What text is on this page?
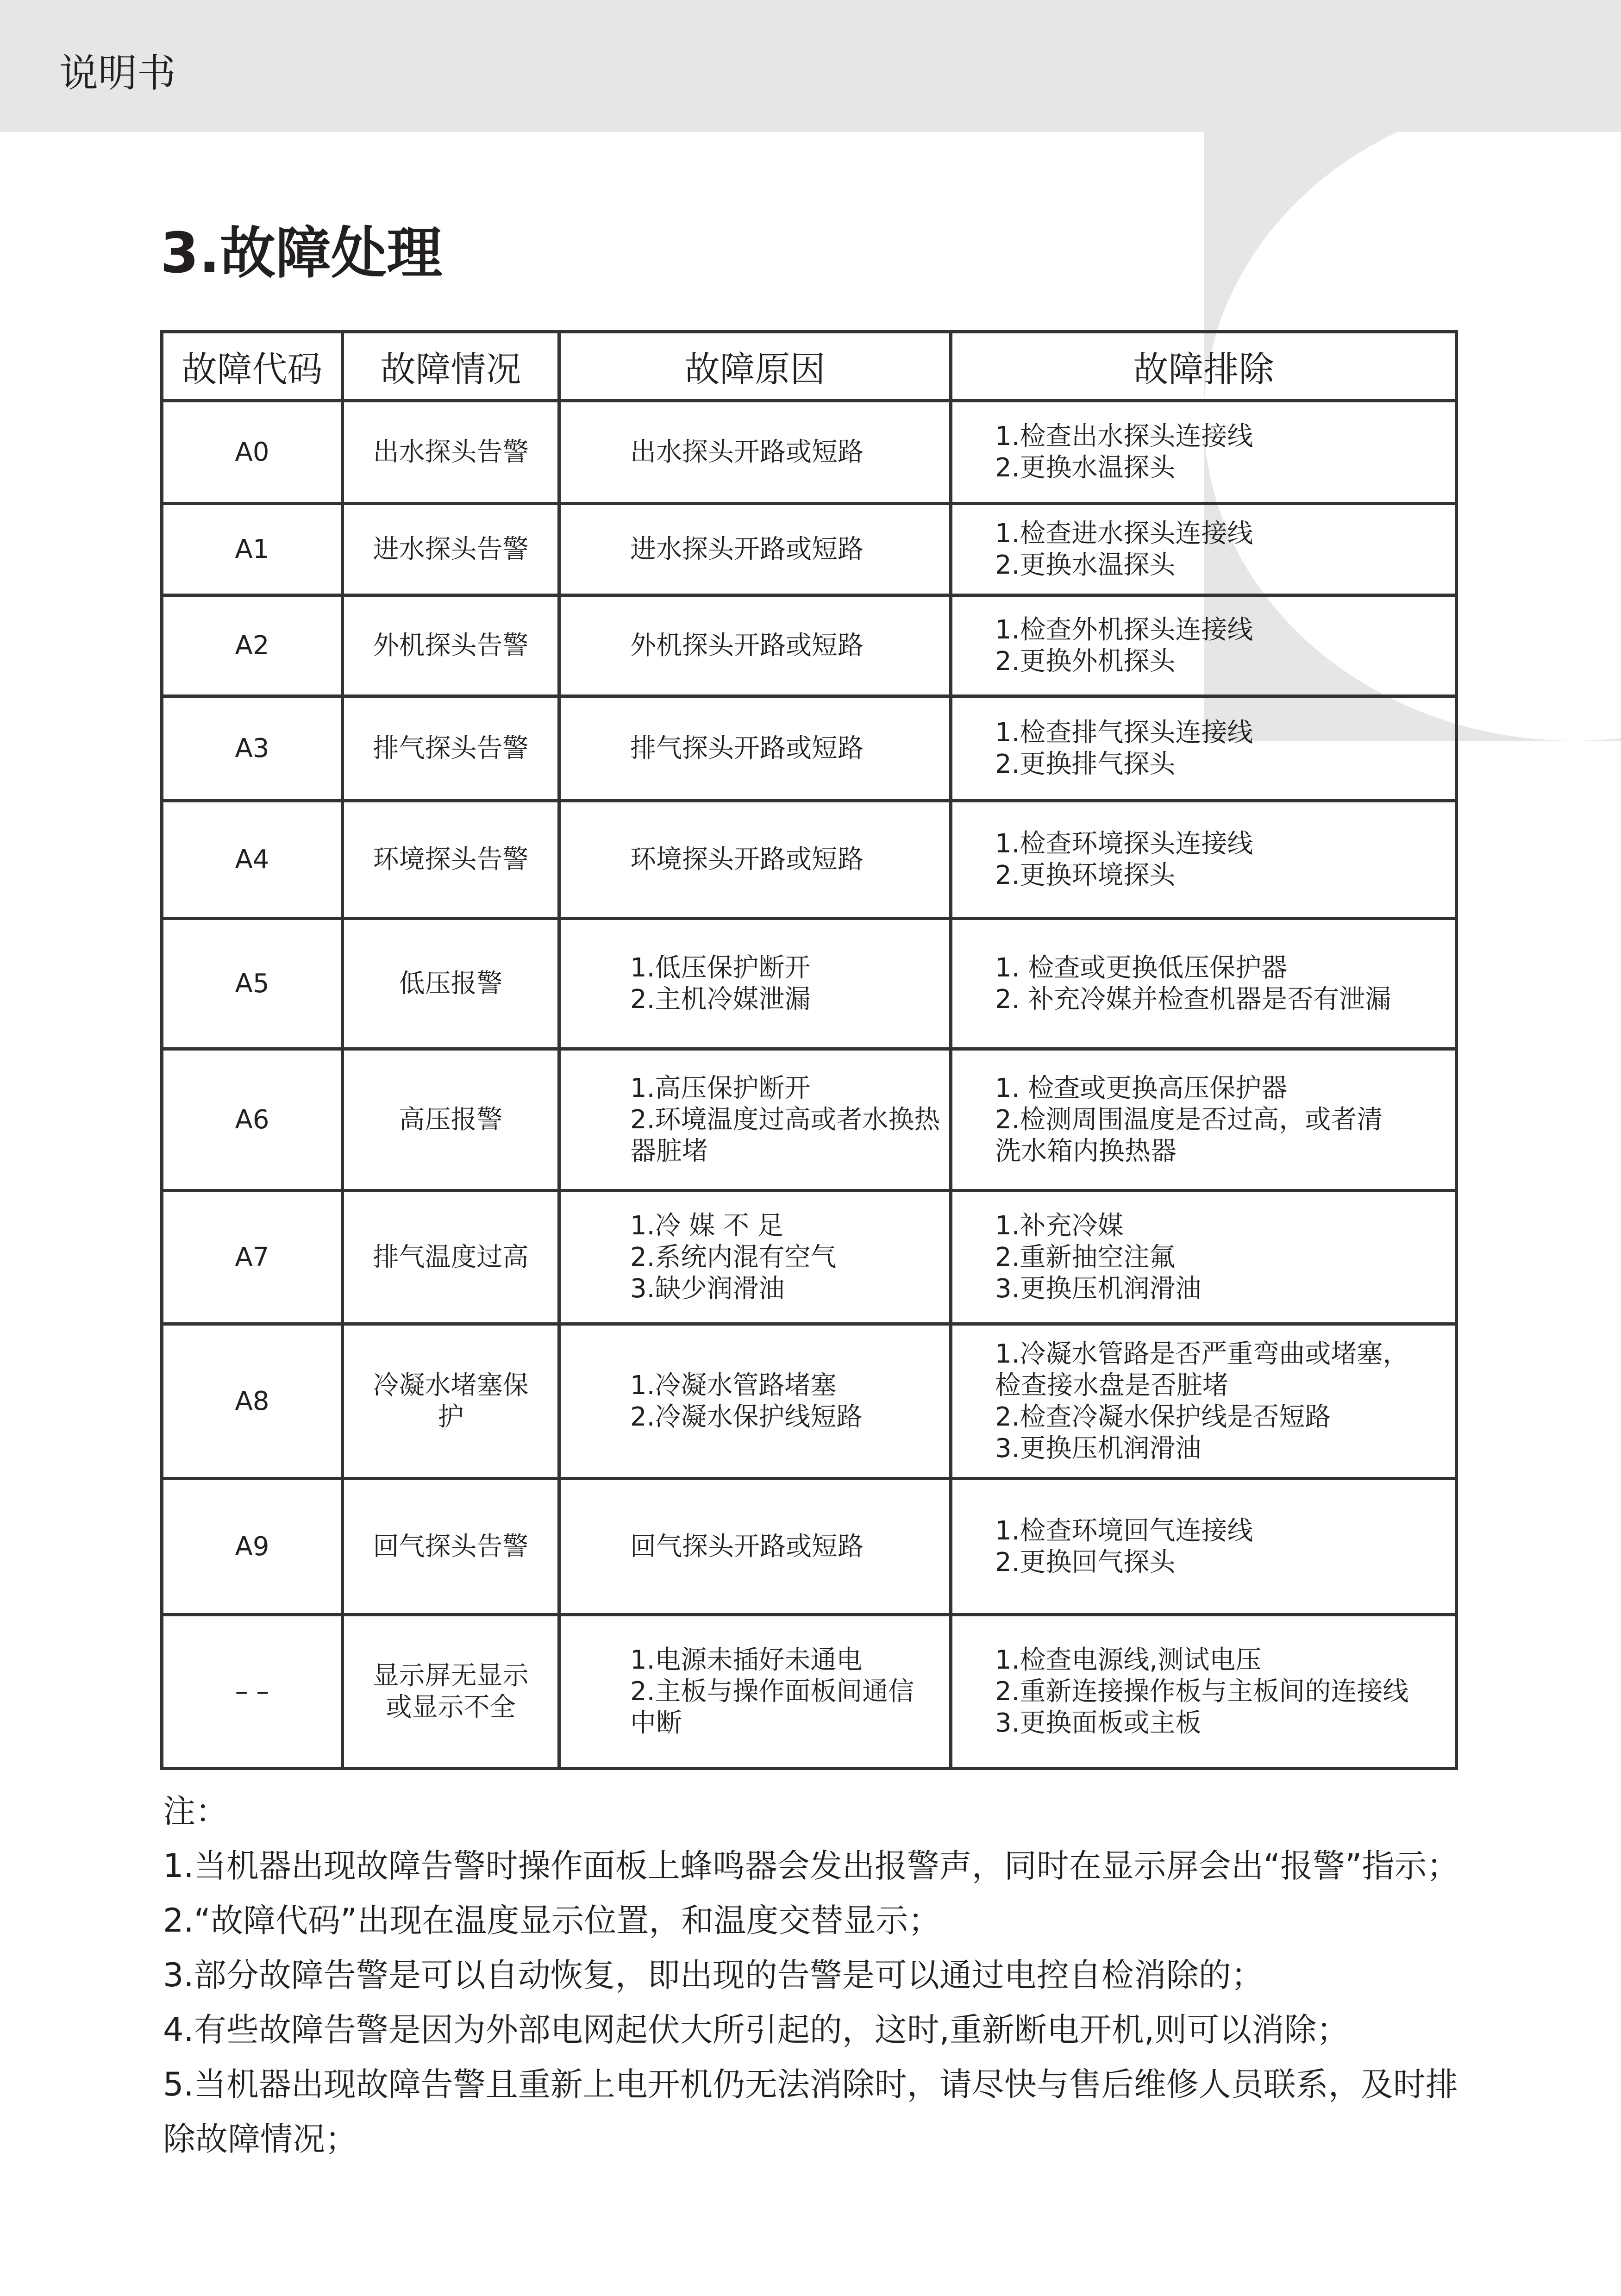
说明书
3.故障处理
故障代码	故障情况	故障原因	故障排除

A0	出水探头告警	出水探头开路或短路	1.检查出水探头连接线
2.更换水温探头

A1	进水探头告警	进水探头开路或短路	1.检查进水探头连接线
2.更换水温探头

A2	外机探头告警	外机探头开路或短路	1.检查外机探头连接线
2.更换外机探头

A3	排气探头告警	排气探头开路或短路	1.检查排气探头连接线
2.更换排气探头

A4	环境探头告警	环境探头开路或短路	1.检查环境探头连接线
2.更换环境探头

A5	低压报警	1.低压保护断开
2.主机冷媒泄漏	1. 检查或更换低压保护器
2. 补充冷媒并检查机器是否有泄漏

A6	高压报警	1.高压保护断开
2.环境温度过高或者水换热
器脏堵	1. 检查或更换高压保护器
2.检测周围温度是否过高，或者清
洗水箱内换热器

A7	排气温度过高	1.冷 媒 不 足
2.系统内混有空气
3.缺少润滑油	1.补充冷媒
2.重新抽空注氟
3.更换压机润滑油

A8	冷凝水堵塞保
护	1.冷凝水管路堵塞
2.冷凝水保护线短路	1.冷凝水管路是否严重弯曲或堵塞，
检查接水盘是否脏堵
2.检查冷凝水保护线是否短路
3.更换压机润滑油

A9	回气探头告警	回气探头开路或短路	1.检查环境回气连接线
2.更换回气探头

– –	显示屏无显示
或显示不全	1.电源未插好未通电
2.主板与操作面板间通信
中断	1.检查电源线,测试电压
2.重新连接操作板与主板间的连接线
3.更换面板或主板

注：

1.当机器出现故障告警时操作面板上蜂鸣器会发出报警声，同时在显示屏会出“报警”指示；

2.“故障代码”出现在温度显示位置，和温度交替显示；

3.部分故障告警是可以自动恢复，即出现的告警是可以通过电控自检消除的；

4.有些故障告警是因为外部电网起伏大所引起的，这时,重新断电开机,则可以消除；

5.当机器出现故障告警且重新上电开机仍无法消除时，请尽快与售后维修人员联系，及时排除故障情况；
